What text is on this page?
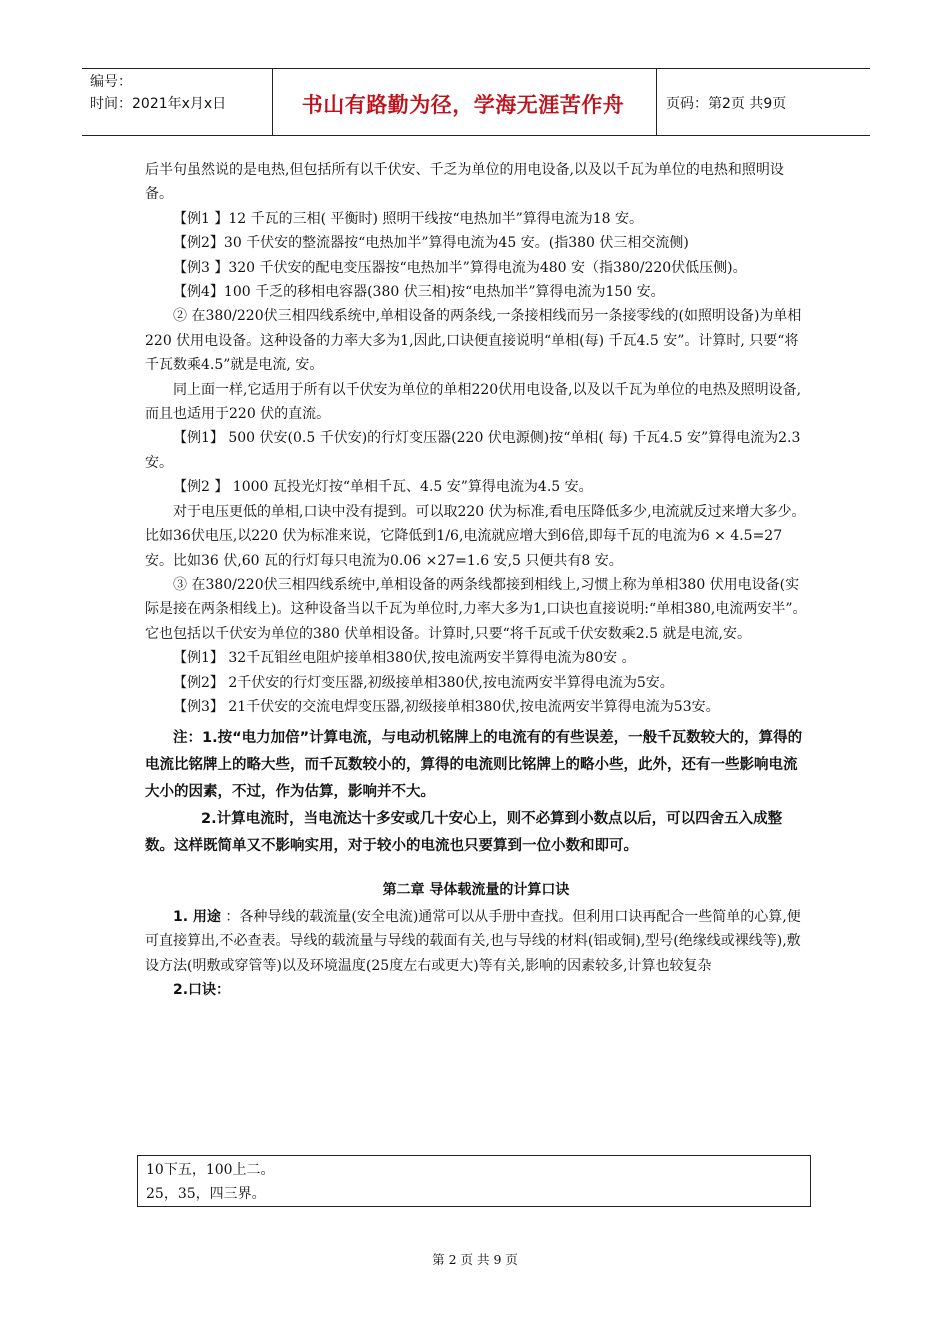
编号：
时间：2021年x月x日	书山有路勤为径，学海无涯苦作舟	页码：第2页 共9页

后半句虽然说的是电热,但包括所有以千伏安、千乏为单位的用电设备,以及以千瓦为单位的电热和照明设备。

【例1 】12 千瓦的三相( 平衡时) 照明干线按“电热加半”算得电流为18 安。

【例2】30 千伏安的整流器按“电热加半”算得电流为45 安。(指380 伏三相交流侧)

【例3 】320 千伏安的配电变压器按“电热加半”算得电流为480 安（指380/220伏低压侧)。

【例4】100 千乏的移相电容器(380 伏三相)按“电热加半”算得电流为150 安。

② 在380/220伏三相四线系统中,单相设备的两条线,一条接相线而另一条接零线的(如照明设备)为单相220 伏用电设备。这种设备的力率大多为1,因此,口诀便直接说明“单相(每) 千瓦4.5 安”。计算时, 只要“将千瓦数乘4.5”就是电流, 安。

同上面一样,它适用于所有以千伏安为单位的单相220伏用电设备,以及以千瓦为单位的电热及照明设备,而且也适用于220 伏的直流。

【例1】 500 伏安(0.5 千伏安)的行灯变压器(220 伏电源侧)按“单相( 每) 千瓦4.5 安”算得电流为2.3 安。

【例2 】 1000 瓦投光灯按“单相千瓦、4.5 安”算得电流为4.5 安。

对于电压更低的单相,口诀中没有提到。可以取220 伏为标准,看电压降低多少,电流就反过来增大多少。比如36伏电压,以220 伏为标准来说，它降低到1/6,电流就应增大到6倍,即每千瓦的电流为6 × 4.5=27 安。比如36 伏,60 瓦的行灯每只电流为0.06 ×27=1.6 安,5 只便共有8 安。

③ 在380/220伏三相四线系统中,单相设备的两条线都接到相线上,习惯上称为单相380 伏用电设备(实际是接在两条相线上)。这种设备当以千瓦为单位时,力率大多为1,口诀也直接说明:“单相380,电流两安半”。它也包括以千伏安为单位的380 伏单相设备。计算时,只要“将千瓦或千伏安数乘2.5 就是电流,安。

【例1】 32千瓦钼丝电阻炉接单相380伏,按电流两安半算得电流为80安 。

【例2】 2千伏安的行灯变压器,初级接单相380伏,按电流两安半算得电流为5安。

【例3】 21千伏安的交流电焊变压器,初级接单相380伏,按电流两安半算得电流为53安。

注：1.按“电力加倍”计算电流，与电动机铭牌上的电流有的有些误差，一般千瓦数较大的，算得的电流比铭牌上的略大些，而千瓦数较小的，算得的电流则比铭牌上的略小些，此外，还有一些影响电流大小的因素，不过，作为估算，影响并不大。

2.计算电流时，当电流达十多安或几十安心上，则不必算到小数点以后，可以四舍五入成整数。这样既简单又不影响实用，对于较小的电流也只要算到一位小数和即可。

第二章 导体载流量的计算口诀

1. 用途 ：各种导线的载流量(安全电流)通常可以从手册中查找。但利用口诀再配合一些简单的心算,便可直接算出,不必查表。导线的载流量与导线的载面有关,也与导线的材料(铝或铜),型号(绝缘线或裸线等),敷设方法(明敷或穿管等)以及环境温度(25度左右或更大)等有关,影响的因素较多,计算也较复杂

2.口诀：

10下五，100上二。
25，35，四三界。
第 2 页 共 9 页
